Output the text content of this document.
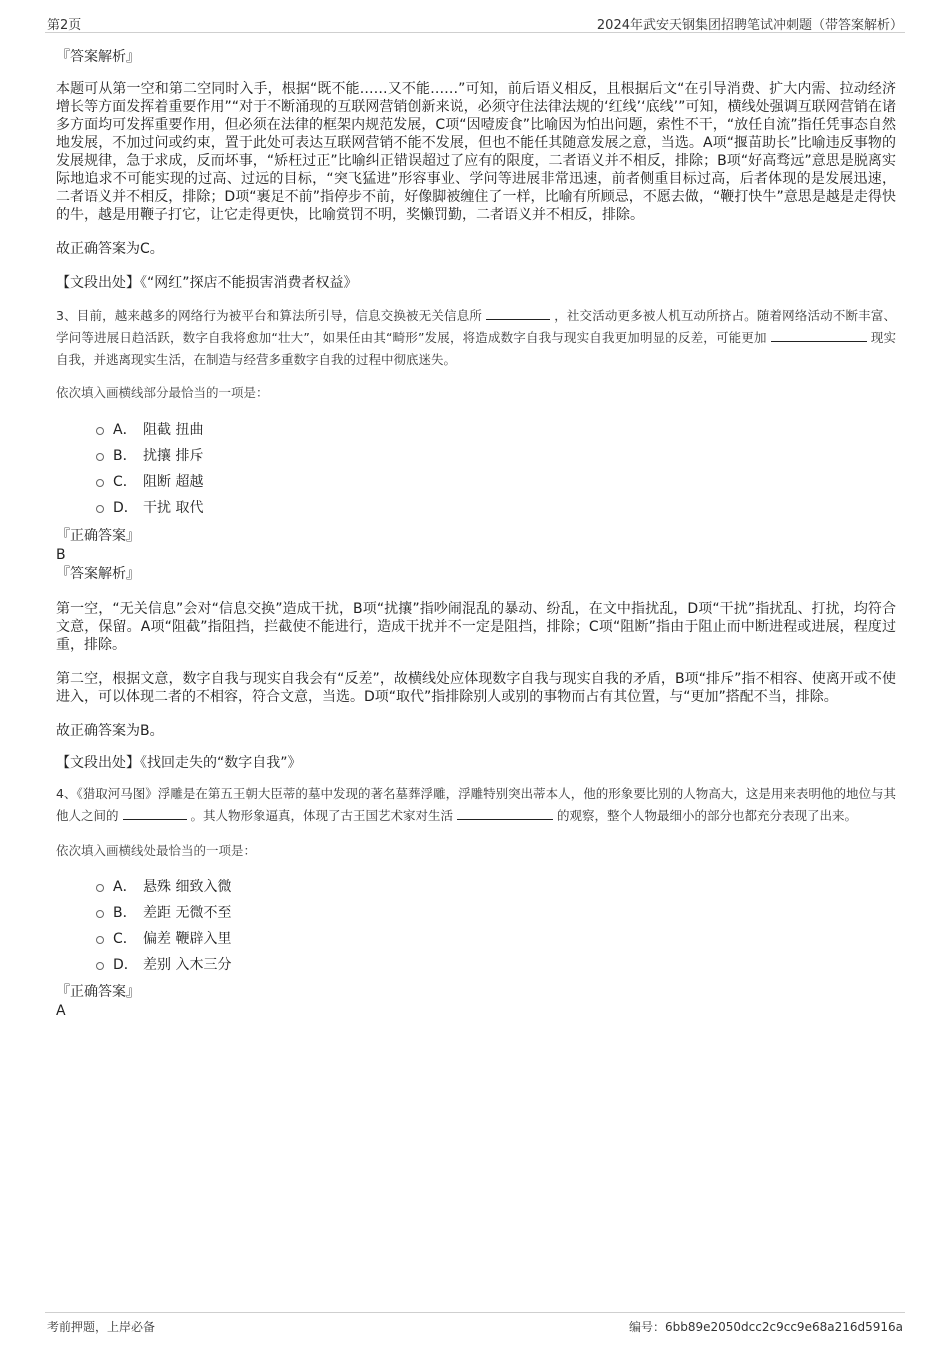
第2页	2024年武安天钢集团招聘笔试冲刺题（带答案解析）
『答案解析』
本题可从第一空和第二空同时入手，根据“既不能……又不能……”可知，前后语义相反，且根据后文“在引导消费、扩大内需、拉动经济增长等方面发挥着重要作用”“对于不断涌现的互联网营销创新来说，必须守住法律法规的‘红线’‘底线’”可知，横线处强调互联网营销在诸多方面均可发挥重要作用，但必须在法律的框架内规范发展，C项“因噎废食”比喻因为怕出问题，索性不干，“放任自流”指任凭事态自然地发展，不加过问或约束，置于此处可表达互联网营销不能不发展，但也不能任其随意发展之意，当选。A项“揠苗助长”比喻违反事物的发展规律，急于求成，反而坏事，“矫枉过正”比喻纠正错误超过了应有的限度，二者语义并不相反，排除；B项“好高骛远”意思是脱离实际地追求不可能实现的过高、过远的目标，“突飞猛进”形容事业、学问等进展非常迅速，前者侧重目标过高，后者体现的是发展迅速，二者语义并不相反，排除；D项“裹足不前”指停步不前，好像脚被缠住了一样，比喻有所顾忌，不愿去做，“鞭打快牛”意思是越是走得快的牛，越是用鞭子打它，让它走得更快，比喻赏罚不明，奖懒罚勤，二者语义并不相反，排除。
故正确答案为C。
【文段出处】《“网红”探店不能损害消费者权益》
3、目前，越来越多的网络行为被平台和算法所引导，信息交换被无关信息所	，社交活动更多被人机互动所挤占。随着网络活动不断丰富、学问等进展日趋活跃，数字自我将愈加“壮大”，如果任由其“畸形”发展，将造成数字自我与现实自我更加明显的反差，可能更加	现实自我，并逃离现实生活，在制造与经营多重数字自我的过程中彻底迷失。
依次填入画横线部分最恰当的一项是：
A． 阻截 扭曲
B． 扰攘 排斥
C． 阻断 超越
D． 干扰 取代
『正确答案』
B
『答案解析』
第一空，“无关信息”会对“信息交换”造成干扰，B项“扰攘”指吵闹混乱的暴动、纷乱，在文中指扰乱，D项“干扰”指扰乱、打扰，均符合文意，保留。A项“阻截”指阻挡，拦截使不能进行，造成干扰并不一定是阻挡，排除；C项“阻断”指由于阻止而中断进程或进展，程度过重，排除。
第二空，根据文意，数字自我与现实自我会有“反差”，故横线处应体现数字自我与现实自我的矛盾，B项“排斥”指不相容、使离开或不使进入，可以体现二者的不相容，符合文意，当选。D项“取代”指排除别人或别的事物而占有其位置，与“更加”搭配不当，排除。
故正确答案为B。
【文段出处】《找回走失的“数字自我”》
4、《猎取河马图》浮雕是在第五王朝大臣蒂的墓中发现的著名墓葬浮雕，浮雕特别突出蒂本人，他的形象要比别的人物高大，这是用来表明他的地位与其他人之间的	。其人物形象逼真，体现了古王国艺术家对生活	的观察，整个人物最细小的部分也都充分表现了出来。
依次填入画横线处最恰当的一项是：
A． 悬殊 细致入微
B． 差距 无微不至
C． 偏差 鞭辟入里
D． 差别 入木三分
『正确答案』
A
考前押题，上岸必备	编号：6bb89e2050dcc2c9cc9e68a216d5916a
